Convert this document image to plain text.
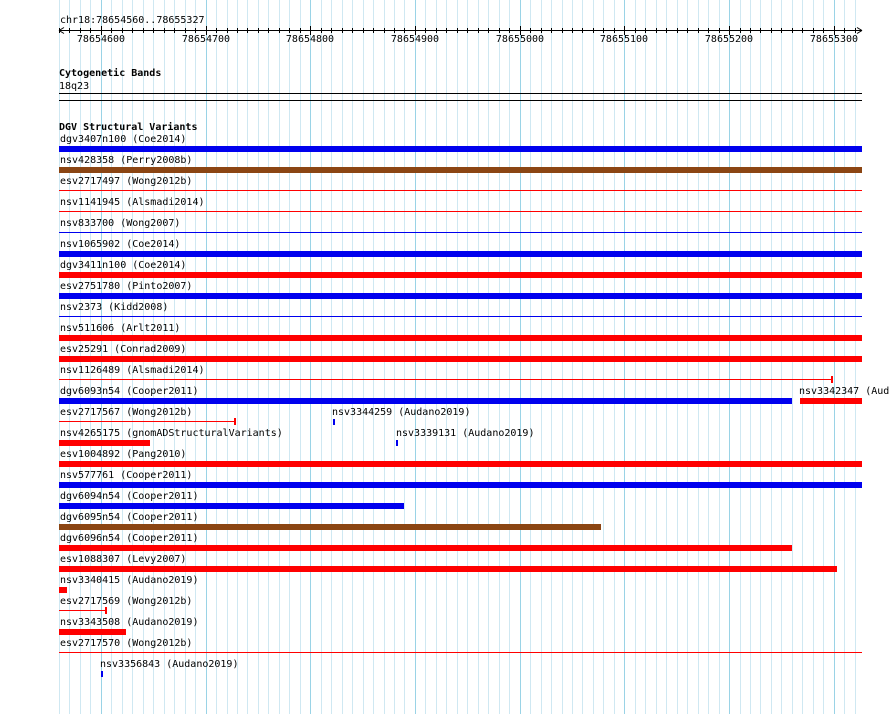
chr18:78654560..78655327
78654600	78654700	78654800	78654900	78655000	78655100	78655200	78655300
Cytogenetic Bands
18q23
DGV Structural Variants
dgv3407n100 (Coe2014)
nsv428358 (Perry2008b)
esv2717497 (Wong2012b)
nsv1141945 (Alsmadi2014)
nsv833700 (Wong2007)
nsv1065902 (Coe2014)
dgv3411n100 (Coe2014)
esv2751780 (Pinto2007)
nsv2373 (Kidd2008)
nsv511606 (Arlt2011)
esv25291 (Conrad2009)
nsv1126489 (Alsmadi2014)
dgv6093n54 (Cooper2011)	nsv3342347 (Aud
esv2717567 (Wong2012b)	nsv3344259 (Audano2019)
nsv4265175 (gnomADStructuralVariants)	nsv3339131 (Audano2019)
esv1004892 (Pang2010)
nsv577761 (Cooper2011)
dgv6094n54 (Cooper2011)
dgv6095n54 (Cooper2011)
dgv6096n54 (Cooper2011)
esv1088307 (Levy2007)
nsv3340415 (Audano2019)
esv2717569 (Wong2012b)
nsv3343508 (Audano2019)
esv2717570 (Wong2012b)
nsv3356843 (Audano2019)
